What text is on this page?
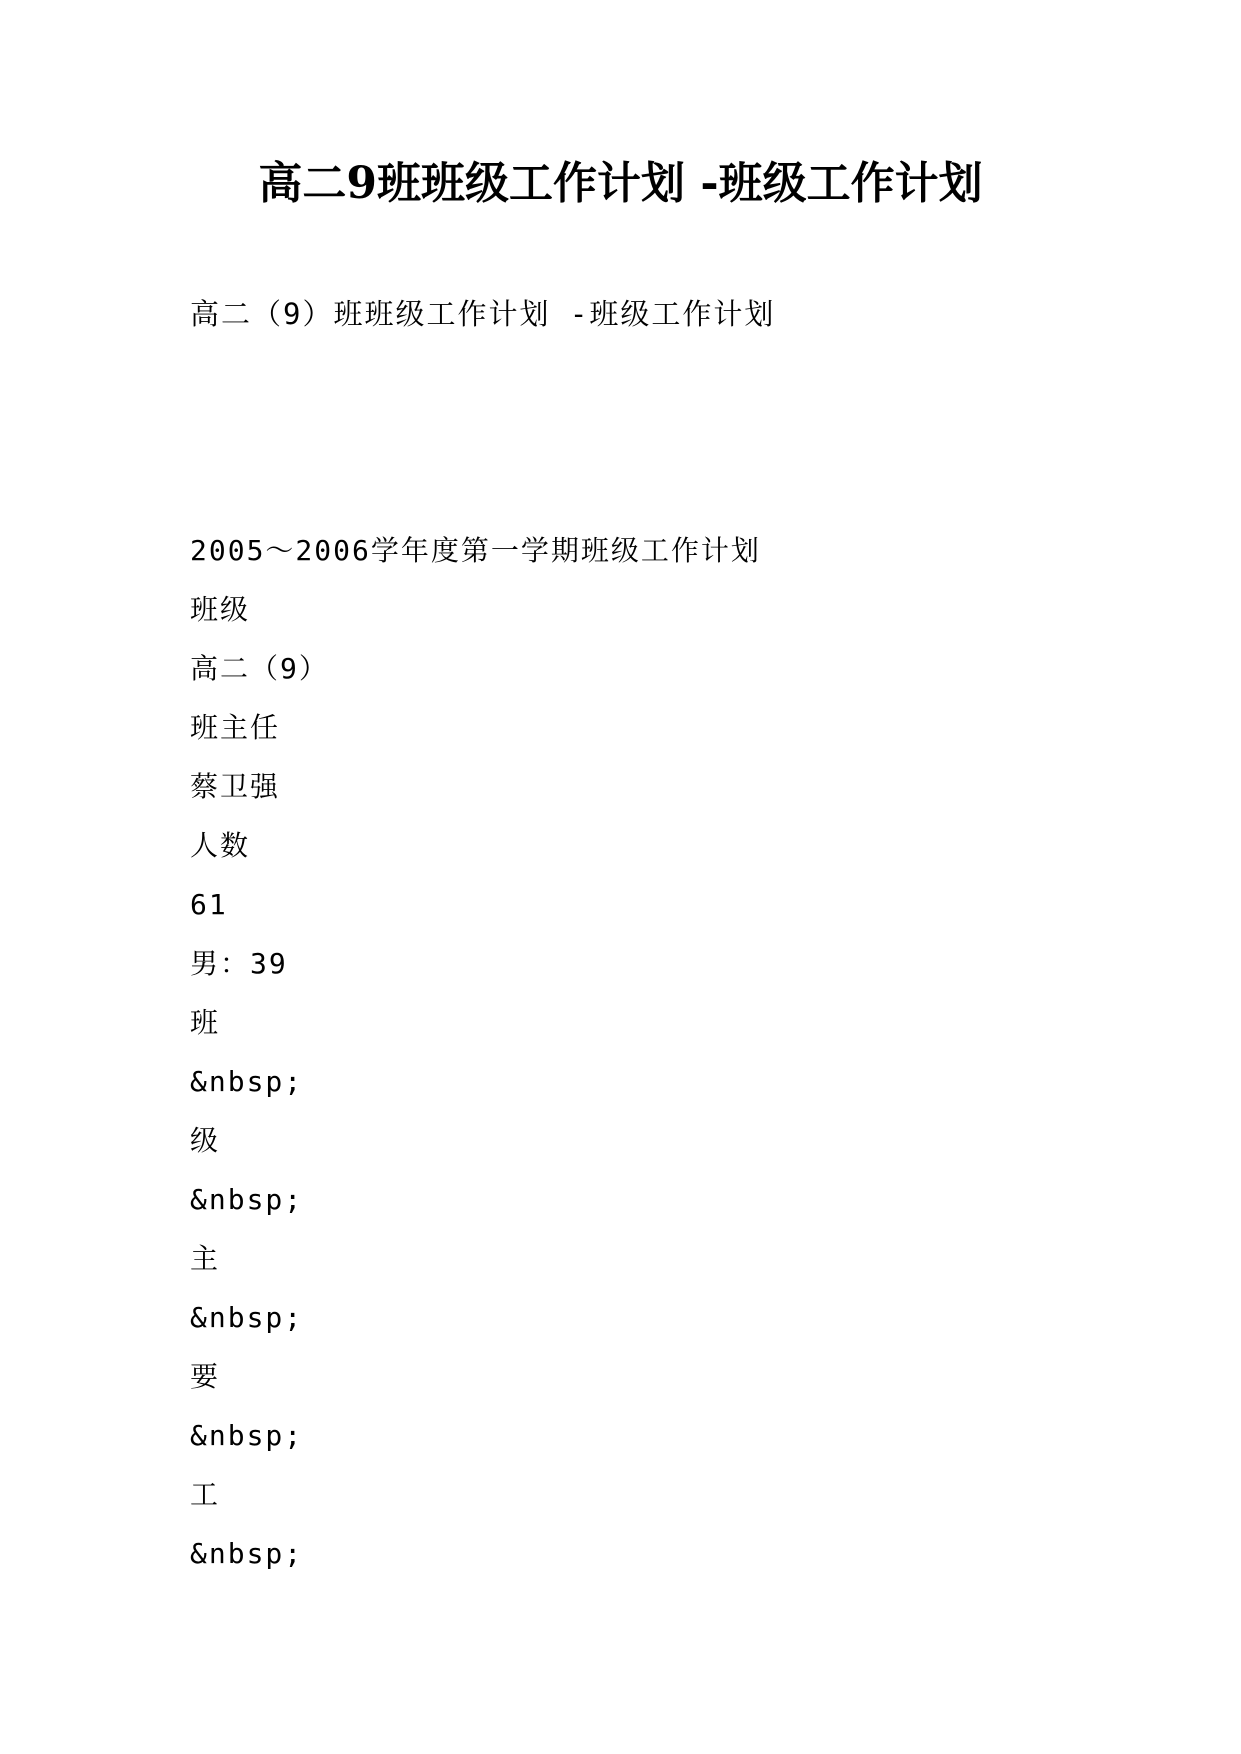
高二9班班级工作计划 -班级工作计划

高二（9）班班级工作计划 -班级工作计划

2005～2006学年度第一学期班级工作计划
班级
高二（9）
班主任
蔡卫强
人数
61
男：39
班
&nbsp;
级
&nbsp;
主
&nbsp;
要
&nbsp;
工
&nbsp;
